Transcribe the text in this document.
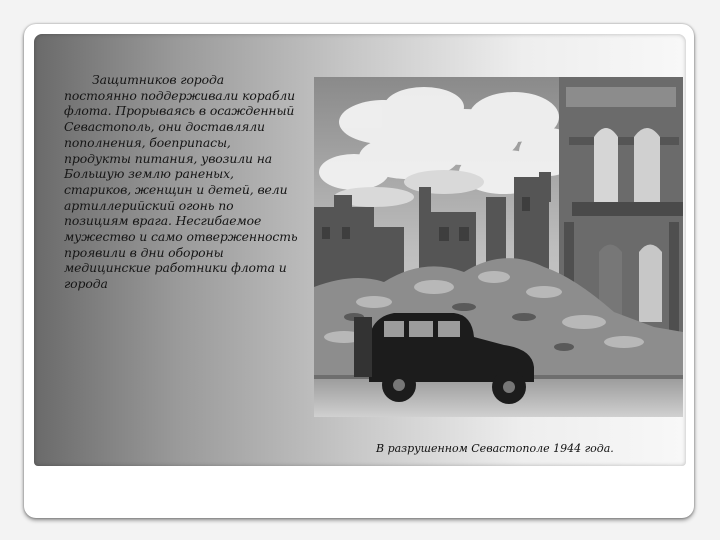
Защитников города постоянно поддерживали корабли флота. Прорываясь в осажденный Севастополь, они доставляли пополнения, боеприпасы, продукты питания, увозили на Большую землю раненых, стариков, женщин и детей, вели артиллерийский огонь по позициям врага. Несгибаемое мужество и само отверженность проявили в дни обороны медицинские работники флота и города

В разрушенном Севастополе 1944 года.
